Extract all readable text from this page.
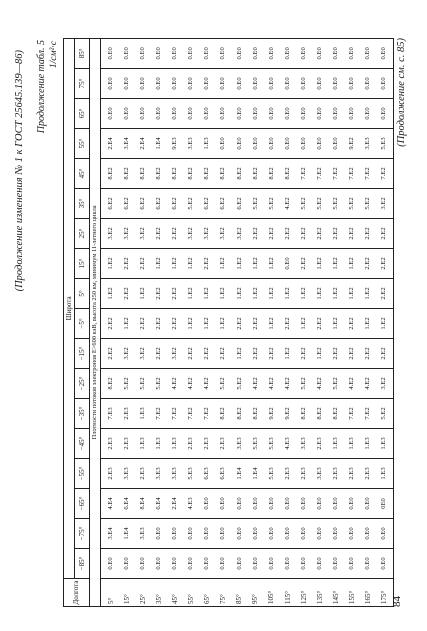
(Продолжение изменения № 1 к ГОСТ 25645.139—86) Продолжение табл. 5 1/см²·с
Долгота	Широта																	
	−85°	−75°	−65°	−55°	−45°	−35°	−25°	−15°	−5°	5°	15°	25°	35°	45°	55°	65°	75°	85°
Плотности потоков электронов E>600 кэВ, высота 250 км, минимум 11-летнего цикла																		
5°	0.E0	3.E4	4.E4	2.E3	2.E3	7.E3	8.E2	2.E2	2.E2	1.E2	1.E2	3.E2	6.E2	8.E2	2.E4	0.E0	0.E0	0.E0
15°	0.E0	1.E4	6.E4	3.E3	2.E3	2.E3	5.E2	3.E2	1.E2	2.E2	2.E2	3.E2	6.E2	8.E2	3.E4	0.E0	0.E0	0.E0
25°	0.E0	3.E3	8.E4	2.E3	1.E3	1.E3	5.E2	3.E2	2.E2	1.E2	2.E2	3.E2	6.E2	8.E2	2.E4	0.E0	0.E0	0.E0
35°	0.E0	0.E0	6.E4	3.E3	1.E3	7.E2	5.E2	2.E2	2.E2	2.E2	1.E2	2.E2	6.E2	8.E2	1.E4	0.E0	0.E0	0.E0
45°	0.E0	0.E0	2.E4	3.E3	1.E3	7.E2	4.E2	3.E2	2.E2	2.E2	1.E2	2.E2	6.E2	8.E2	9.E3	0.E0	0.E0	0.E0
55°	0.E0	0.E0	4.E3	5.E3	2.E3	7.E2	4.E2	2.E2	1.E2	1.E2	1.E2	3.E2	5.E2	8.E2	3.E3	0.E0	0.E0	0.E0
65°	0.E0	0.E0	0.E0	6.E3	2.E3	7.E2	4.E2	2.E2	1.E2	1.E2	2.E2	3.E2	6.E2	8.E2	1.E3	0.E0	0.E0	0.E0
75°	0.E0	0.E0	0.E0	6.E3	2.E3	8.E2	5.E2	2.E2	1.E2	1.E2	1.E2	3.E2	6.E2	8.E2	0.E0	0.E0	0.E0	0.E0
85°	0.E0	0.E0	0.E0	1.E4	3.E3	8.E2	5.E2	1.E2	2.E2	1.E2	1.E2	3.E2	6.E2	8.E2	0.E0	0.E0	0.E0	0.E0
95°	0.E0	0.E0	0.E0	1.E4	5.E3	8.E2	4.E2	2.E2	2.E2	1.E2	1.E2	2.E2	5.E2	8.E2	0.E0	0.E0	0.E0	0.E0
105°	0.E0	0.E0	0.E0	5.E3	5.E3	9.E2	4.E2	2.E2	1.E2	1.E2	1.E2	2.E2	5.E2	8.E2	0.E0	0.E0	0.E0	0.E0
115°	0.E0	0.E0	0.E0	2.E3	4.E3	9.E2	4.E2	1.E2	2.E2	1.E2	0.E0	2.E2	4.E2	8.E2	0.E0	0.E0	0.E0	0.E0
125°	0.E0	0.E0	0.E0	2.E3	3.E3	8.E2	5.E2	2.E2	1.E2	1.E2	2.E2	2.E2	5.E2	7.E2	0.E0	0.E0	0.E0	0.E0
135°	0.E0	0.E0	0.E0	3.E3	2.E3	8.E2	4.E2	1.E2	2.E2	1.E2	1.E2	2.E2	5.E2	7.E2	0.E0	0.E0	0.E0	0.E0
145°	0.E0	0.E0	0.E0	2.E3	1.E3	8.E2	5.E2	2.E2	1.E2	1.E2	1.E2	2.E2	5.E2	7.E2	0.E0	0.E0	0.E0	0.E0
155°	0.E0	0.E0	0.E0	2.E3	1.E3	7.E2	4.E2	2.E2	2.E2	1.E2	1.E2	2.E2	5.E2	7.E2	9.E2	0.E0	0.E0	0.E0
165°	0.E0	0.E0	0.E0	2.E3	1.E3	7.E2	4.E2	2.E2	1.E2	1.E2	2.E2	2.E2	5.E2	7.E2	3.E3	0.E0	0.E0	0.E0
175°	0.E0	0.E0	0E0	1.E3	1.E3	5.E2	3.E2	2.E2	1.E2	2.E2	2.E2	2.E2	3.E2	7.E2	5.E3	0.E0	0.E0	0.E0
84
(Продолжение см. с. 85)
